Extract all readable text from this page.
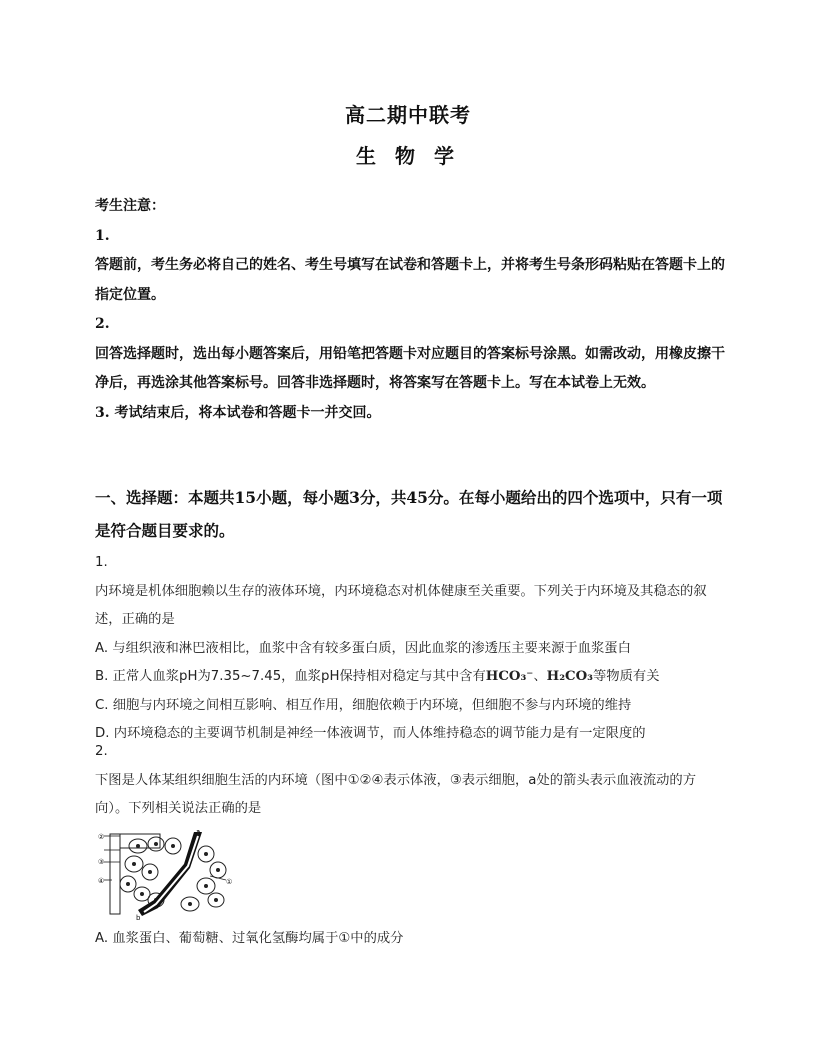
高二期中联考
生 物 学

考生注意：

1.

答题前，考生务必将自己的姓名、考生号填写在试卷和答题卡上，并将考生号条形码粘贴在答题卡上的指定位置。

2.

回答选择题时，选出每小题答案后，用铅笔把答题卡对应题目的答案标号涂黑。如需改动，用橡皮擦干净后，再选涂其他答案标号。回答非选择题时，将答案写在答题卡上。写在本试卷上无效。

3. 考试结束后，将本试卷和答题卡一并交回。

一、选择题：本题共15小题，每小题3分，共45分。在每小题给出的四个选项中，只有一项是符合题目要求的。

1.

内环境是机体细胞赖以生存的液体环境，内环境稳态对机体健康至关重要。下列关于内环境及其稳态的叙述，正确的是

A. 与组织液和淋巴液相比，血浆中含有较多蛋白质，因此血浆的渗透压主要来源于血浆蛋白

B. 正常人血浆pH为7.35~7.45，血浆pH保持相对稳定与其中含有HCO₃⁻、H₂CO₃等物质有关

C. 细胞与内环境之间相互影响、相互作用，细胞依赖于内环境，但细胞不参与内环境的维持

D. 内环境稳态的主要调节机制是神经一体液调节，而人体维持稳态的调节能力是有一定限度的

2.

下图是人体某组织细胞生活的内环境（图中①②④表示体液，③表示细胞，a处的箭头表示血液流动的方向）。下列相关说法正确的是

②
③
④
a
①
b
A. 血浆蛋白、葡萄糖、过氧化氢酶均属于①中的成分
